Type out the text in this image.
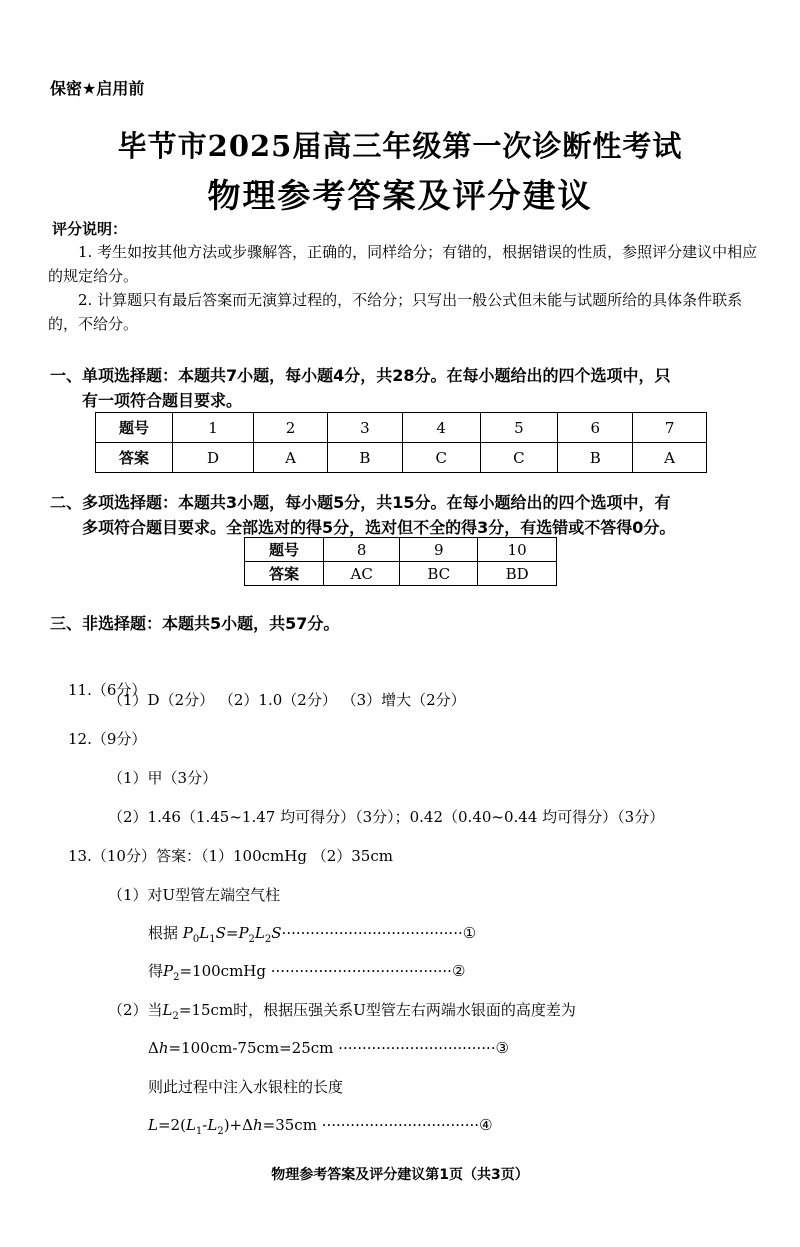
保密★启用前
毕节市2025届高三年级第一次诊断性考试
物理参考答案及评分建议
评分说明：
1. 考生如按其他方法或步骤解答，正确的，同样给分；有错的，根据错误的性质，参照评分建议中相应的规定给分。
2. 计算题只有最后答案而无演算过程的，不给分；只写出一般公式但未能与试题所给的具体条件联系的，不给分。
一、单项选择题：本题共7小题，每小题4分，共28分。在每小题给出的四个选项中，只
有一项符合题目要求。
题号	1	2	3	4	5	6	7
答案	D	A	B	C	C	B	A
二、多项选择题：本题共3小题，每小题5分，共15分。在每小题给出的四个选项中，有
多项符合题目要求。全部选对的得5分，选对但不全的得3分，有选错或不答得0分。
题号	8	9	10
答案	AC	BC	BD
三、非选择题：本题共5小题，共57分。
11.（6分）
（1）D（2分） （2）1.0（2分） （3）增大（2分）
12.（9分）
（1）甲（3分）
（2）1.46（1.45~1.47 均可得分）（3分）；0.42（0.40~0.44 均可得分）（3分）
13.（10分）答案：（1）100cmHg （2）35cm
（1）对U型管左端空气柱
根据 $P_0L_1S=P_2L_2S\cdot\cdot\cdot\cdot\cdot\cdot\cdot\cdot\cdot\cdot\cdot\cdot\cdot\cdot\cdot\cdot\cdot\cdot\cdot\cdot\cdot\cdot\cdot\cdot\cdot\cdot\cdot\cdot\cdot\cdot\cdot\cdot\cdot\cdot\cdot\cdot\cdot\cdot ①$
得$P_2=100cmHg$ ······································②
（2）当$L_2=15cm$时，根据压强关系U型管左右两端水银面的高度差为
Δh=100cm-75cm=25cm ·································③
则此过程中注入水银柱的长度
$L=2(L_1-L_2)+\Delta h=35cm$ ·································④
物理参考答案及评分建议第1页（共3页）
